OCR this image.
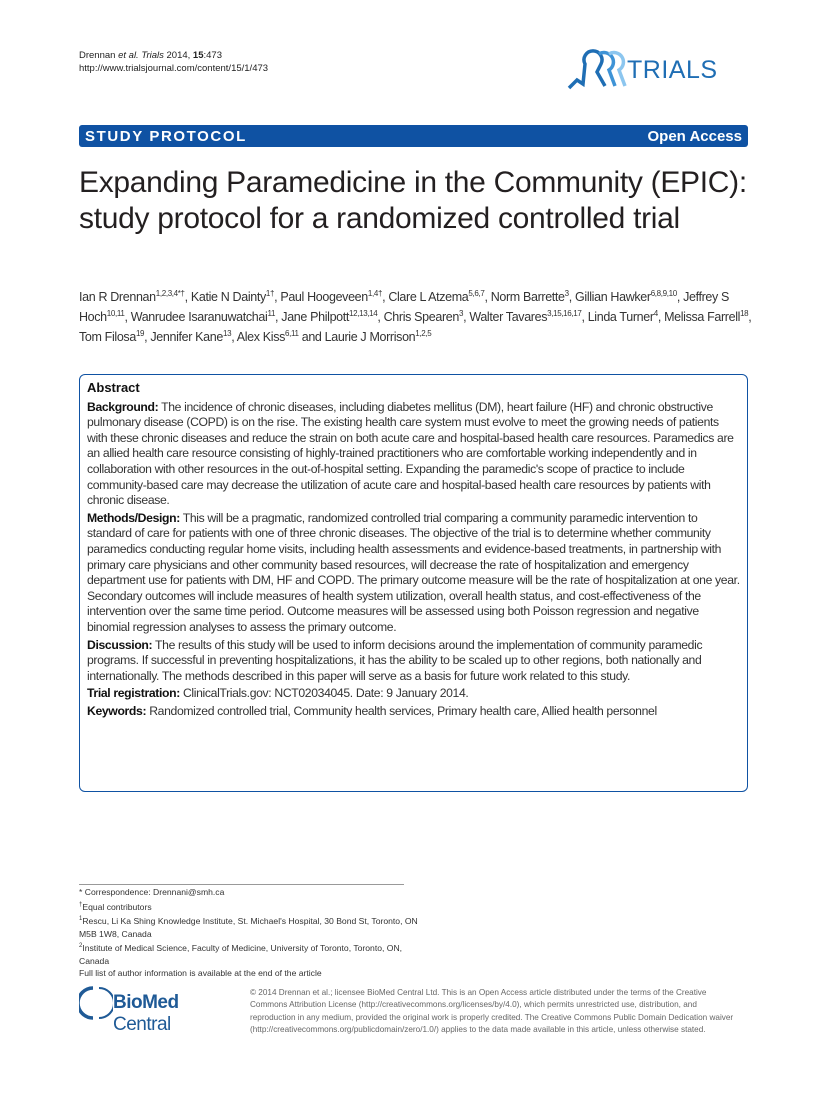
Drennan et al. Trials 2014, 15:473
http://www.trialsjournal.com/content/15/1/473	TRIALS
STUDY PROTOCOL	Open Access
Expanding Paramedicine in the Community (EPIC): study protocol for a randomized controlled trial
Ian R Drennan$^{1,2,3,4*\dagger}$, Katie N Dainty$^{1\dagger}$, Paul Hoogeveen$^{1,4\dagger}$, Clare L Atzema$^{5,6,7}$, Norm Barrette$^3$, Gillian Hawker$^{6,8,9,10}$, Jeffrey S Hoch$^{10,11}$, Wanrudee Isaranuwatchai$^{11}$, Jane Philpott$^{12,13,14}$, Chris Spearen$^3$, Walter Tavares$^{3,15,16,17}$, Linda Turner$^4$, Melissa Farrell$^{18}$, Tom Filosa$^{19}$, Jennifer Kane$^{13}$, Alex Kiss$^{6,11}$ and Laurie J Morrison$^{1,2,5}$
Abstract

Background: The incidence of chronic diseases, including diabetes mellitus (DM), heart failure (HF) and chronic obstructive pulmonary disease (COPD) is on the rise. The existing health care system must evolve to meet the growing needs of patients with these chronic diseases and reduce the strain on both acute care and hospital-based health care resources. Paramedics are an allied health care resource consisting of highly-trained practitioners who are comfortable working independently and in collaboration with other resources in the out-of-hospital setting. Expanding the paramedic's scope of practice to include community-based care may decrease the utilization of acute care and hospital-based health care resources by patients with chronic disease.

Methods/Design: This will be a pragmatic, randomized controlled trial comparing a community paramedic intervention to standard of care for patients with one of three chronic diseases. The objective of the trial is to determine whether community paramedics conducting regular home visits, including health assessments and evidence-based treatments, in partnership with primary care physicians and other community based resources, will decrease the rate of hospitalization and emergency department use for patients with DM, HF and COPD. The primary outcome measure will be the rate of hospitalization at one year. Secondary outcomes will include measures of health system utilization, overall health status, and cost-effectiveness of the intervention over the same time period. Outcome measures will be assessed using both Poisson regression and negative binomial regression analyses to assess the primary outcome.

Discussion: The results of this study will be used to inform decisions around the implementation of community paramedic programs. If successful in preventing hospitalizations, it has the ability to be scaled up to other regions, both nationally and internationally. The methods described in this paper will serve as a basis for future work related to this study.

Trial registration: ClinicalTrials.gov: NCT02034045. Date: 9 January 2014.

Keywords: Randomized controlled trial, Community health services, Primary health care, Allied health personnel

* Correspondence: Drennani@smh.ca
†Equal contributors
$^1$Rescu, Li Ka Shing Knowledge Institute, St. Michael's Hospital, 30 Bond St, Toronto, ON M5B 1W8, Canada
$^2$Institute of Medical Science, Faculty of Medicine, University of Toronto, Toronto, ON, Canada
Full list of author information is available at the end of the article
BioMed Central
© 2014 Drennan et al.; licensee BioMed Central Ltd. This is an Open Access article distributed under the terms of the Creative Commons Attribution License (http://creativecommons.org/licenses/by/4.0), which permits unrestricted use, distribution, and reproduction in any medium, provided the original work is properly credited. The Creative Commons Public Domain Dedication waiver (http://creativecommons.org/publicdomain/zero/1.0/) applies to the data made available in this article, unless otherwise stated.
